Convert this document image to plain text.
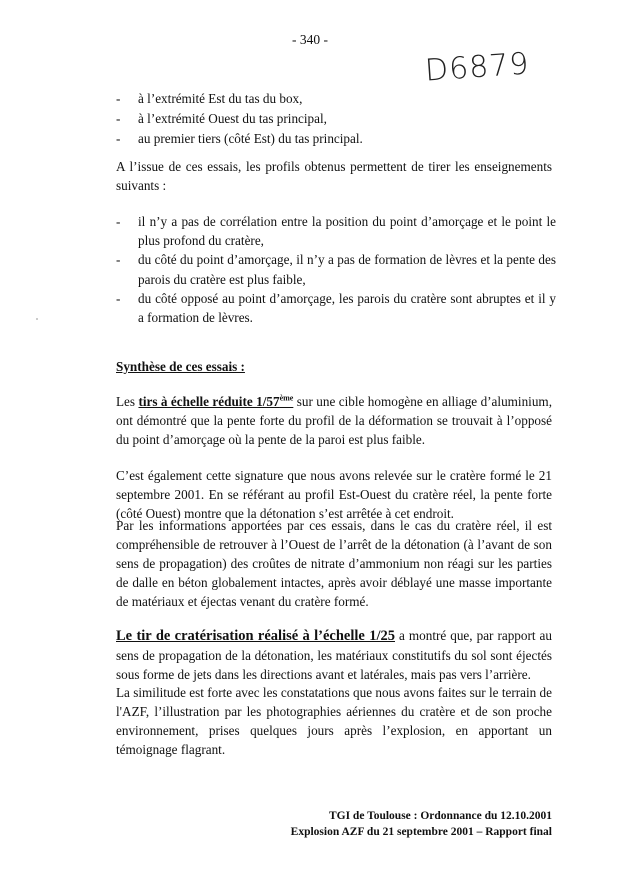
- 340 -
D6879
- à l’extrémité Est du tas du box,
- à l’extrémité Ouest du tas principal,
- au premier tiers (côté Est) du tas principal.

A l’issue de ces essais, les profils obtenus permettent de tirer les enseignements suivants :

- il n’y a pas de corrélation entre la position du point d’amorçage et le point le plus profond du cratère,
- du côté du point d’amorçage, il n’y a pas de formation de lèvres et la pente des parois du cratère est plus faible,
- du côté opposé au point d’amorçage, les parois du cratère sont abruptes et il y a formation de lèvres.
Synthèse de ces essais :

Les tirs à échelle réduite 1/57ème sur une cible homogène en alliage d’aluminium, ont démontré que la pente forte du profil de la déformation se trouvait à l’opposé du point d’amorçage où la pente de la paroi est plus faible.

C’est également cette signature que nous avons relevée sur le cratère formé le 21 septembre 2001. En se référant au profil Est-Ouest du cratère réel, la pente forte (côté Ouest) montre que la détonation s’est arrêtée à cet endroit.

Par les informations apportées par ces essais, dans le cas du cratère réel, il est compréhensible de retrouver à l’Ouest de l’arrêt de la détonation (à l’avant de son sens de propagation) des croûtes de nitrate d’ammonium non réagi sur les parties de dalle en béton globalement intactes, après avoir déblayé une masse importante de matériaux et éjectas venant du cratère formé.

Le tir de cratérisation réalisé à l’échelle 1/25 a montré que, par rapport au sens de propagation de la détonation, les matériaux constitutifs du sol sont éjectés sous forme de jets dans les directions avant et latérales, mais pas vers l’arrière.

La similitude est forte avec les constatations que nous avons faites sur le terrain de l'AZF, l’illustration par les photographies aériennes du cratère et de son proche environnement, prises quelques jours après l’explosion, en apportant un témoignage flagrant.

TGI de Toulouse : Ordonnance du 12.10.2001
Explosion AZF du 21 septembre 2001 – Rapport final
